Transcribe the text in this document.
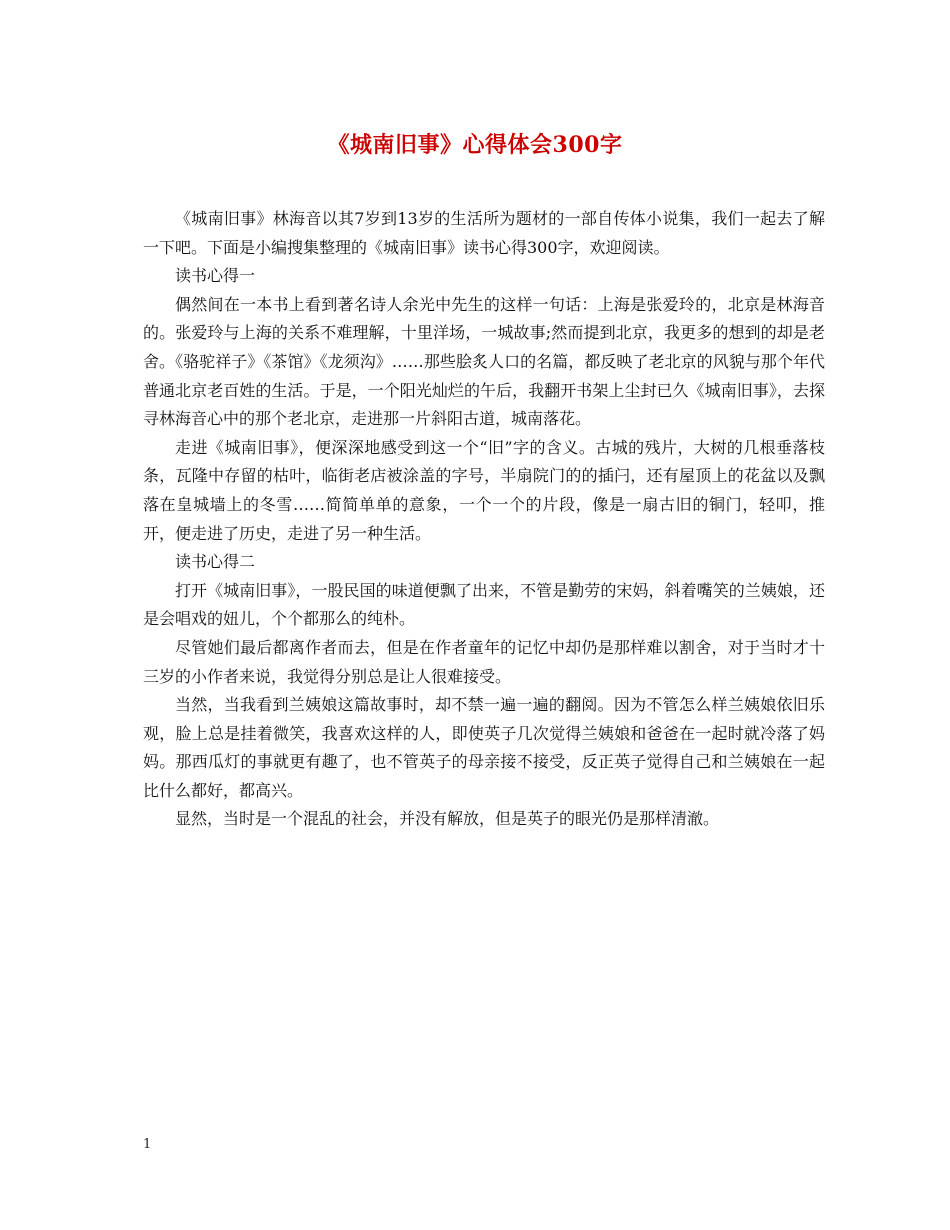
《城南旧事》心得体会300字

《城南旧事》林海音以其7岁到13岁的生活所为题材的一部自传体小说集，我们一起去了解一下吧。下面是小编搜集整理的《城南旧事》读书心得300字，欢迎阅读。

读书心得一

偶然间在一本书上看到著名诗人余光中先生的这样一句话：上海是张爱玲的，北京是林海音的。张爱玲与上海的关系不难理解，十里洋场，一城故事;然而提到北京，我更多的想到的却是老舍。《骆驼祥子》《茶馆》《龙须沟》……那些脍炙人口的名篇，都反映了老北京的风貌与那个年代普通北京老百姓的生活。于是，一个阳光灿烂的午后，我翻开书架上尘封已久《城南旧事》，去探寻林海音心中的那个老北京，走进那一片斜阳古道，城南落花。

走进《城南旧事》，便深深地感受到这一个“旧”字的含义。古城的残片，大树的几根垂落枝条，瓦隆中存留的枯叶，临街老店被涂盖的字号，半扇院门的的插闩，还有屋顶上的花盆以及飘落在皇城墙上的冬雪……简简单单的意象，一个一个的片段，像是一扇古旧的铜门，轻叩，推开，便走进了历史，走进了另一种生活。

读书心得二

打开《城南旧事》，一股民国的味道便飘了出来，不管是勤劳的宋妈，斜着嘴笑的兰姨娘，还是会唱戏的妞儿，个个都那么的纯朴。

尽管她们最后都离作者而去，但是在作者童年的记忆中却仍是那样难以割舍，对于当时才十三岁的小作者来说，我觉得分别总是让人很难接受。

当然，当我看到兰姨娘这篇故事时，却不禁一遍一遍的翻阅。因为不管怎么样兰姨娘依旧乐观，脸上总是挂着微笑，我喜欢这样的人，即使英子几次觉得兰姨娘和爸爸在一起时就冷落了妈妈。那西瓜灯的事就更有趣了，也不管英子的母亲接不接受，反正英子觉得自己和兰姨娘在一起比什么都好，都高兴。

显然，当时是一个混乱的社会，并没有解放，但是英子的眼光仍是那样清澈。

1
